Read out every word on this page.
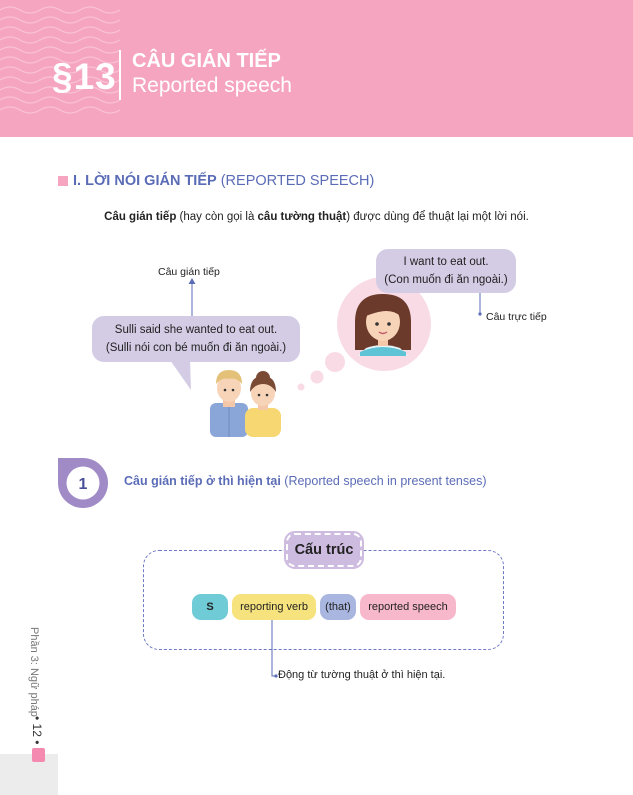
§13 CÂU GIÁN TIẾP
Reported speech
I. LỜI NÓI GIÁN TIẾP (REPORTED SPEECH)
Câu gián tiếp (hay còn gọi là câu tường thuật) được dùng để thuật lại một lời nói.
Câu gián tiếp
Sulli said she wanted to eat out.
(Sulli nói con bé muốn đi ăn ngoài.)
I want to eat out.
(Con muốn đi ăn ngoài.)
Câu trực tiếp
1	Câu gián tiếp ở thì hiện tại (Reported speech in present tenses)
Cấu trúc
S	reporting verb	(that)	reported speech
Động từ tường thuật ở thì hiện tại.
Phần 3: Ngữ pháp
• 12 •
